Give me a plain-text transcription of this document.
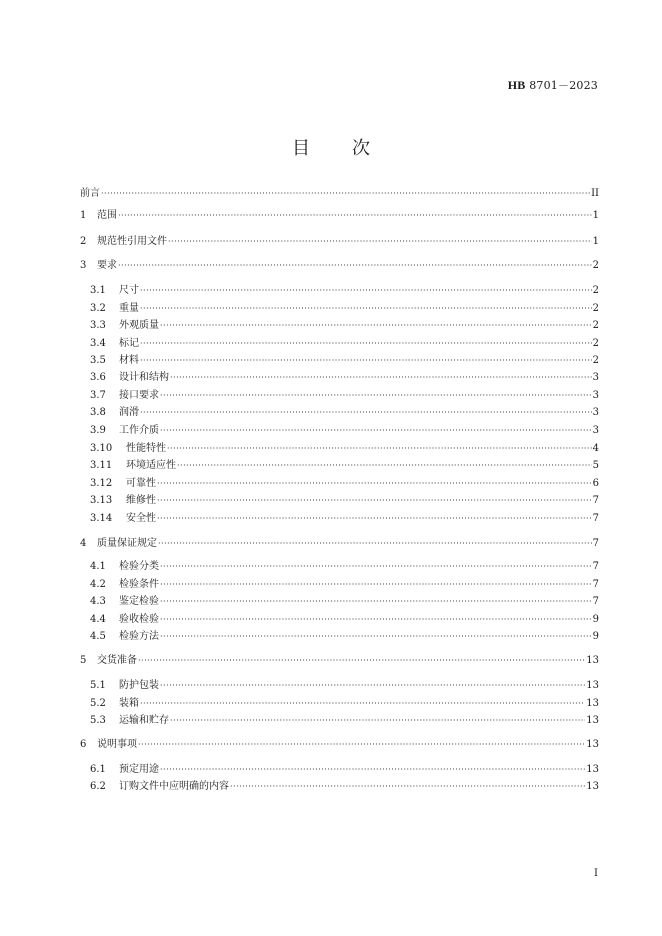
HB 8701－2023
目次
前言 ·····	II
1	范围 ·····	1
2	规范性引用文件 ·····	1
3	要求 ·····	2
3.1	尺寸 ·····	2
3.2	重量 ·····	2
3.3	外观质量 ·····	2
3.4	标记 ·····	2
3.5	材料 ·····	2
3.6	设计和结构 ·····	3
3.7	接口要求 ·····	3
3.8	润滑 ·····	3
3.9	工作介质 ·····	3
3.10	性能特性 ·····	4
3.11	环境适应性 ·····	5
3.12	可靠性 ·····	6
3.13	维修性 ·····	7
3.14	安全性 ·····	7
4	质量保证规定 ·····	7
4.1	检验分类 ·····	7
4.2	检验条件 ·····	7
4.3	鉴定检验 ·····	7
4.4	验收检验 ·····	9
4.5	检验方法 ·····	9
5	交货准备 ·····	13
5.1	防护包装 ·····	13
5.2	装箱 ·····	13
5.3	运输和贮存 ·····	13
6	说明事项 ·····	13
6.1	预定用途 ·····	13
6.2	订购文件中应明确的内容 ·····	13
I
